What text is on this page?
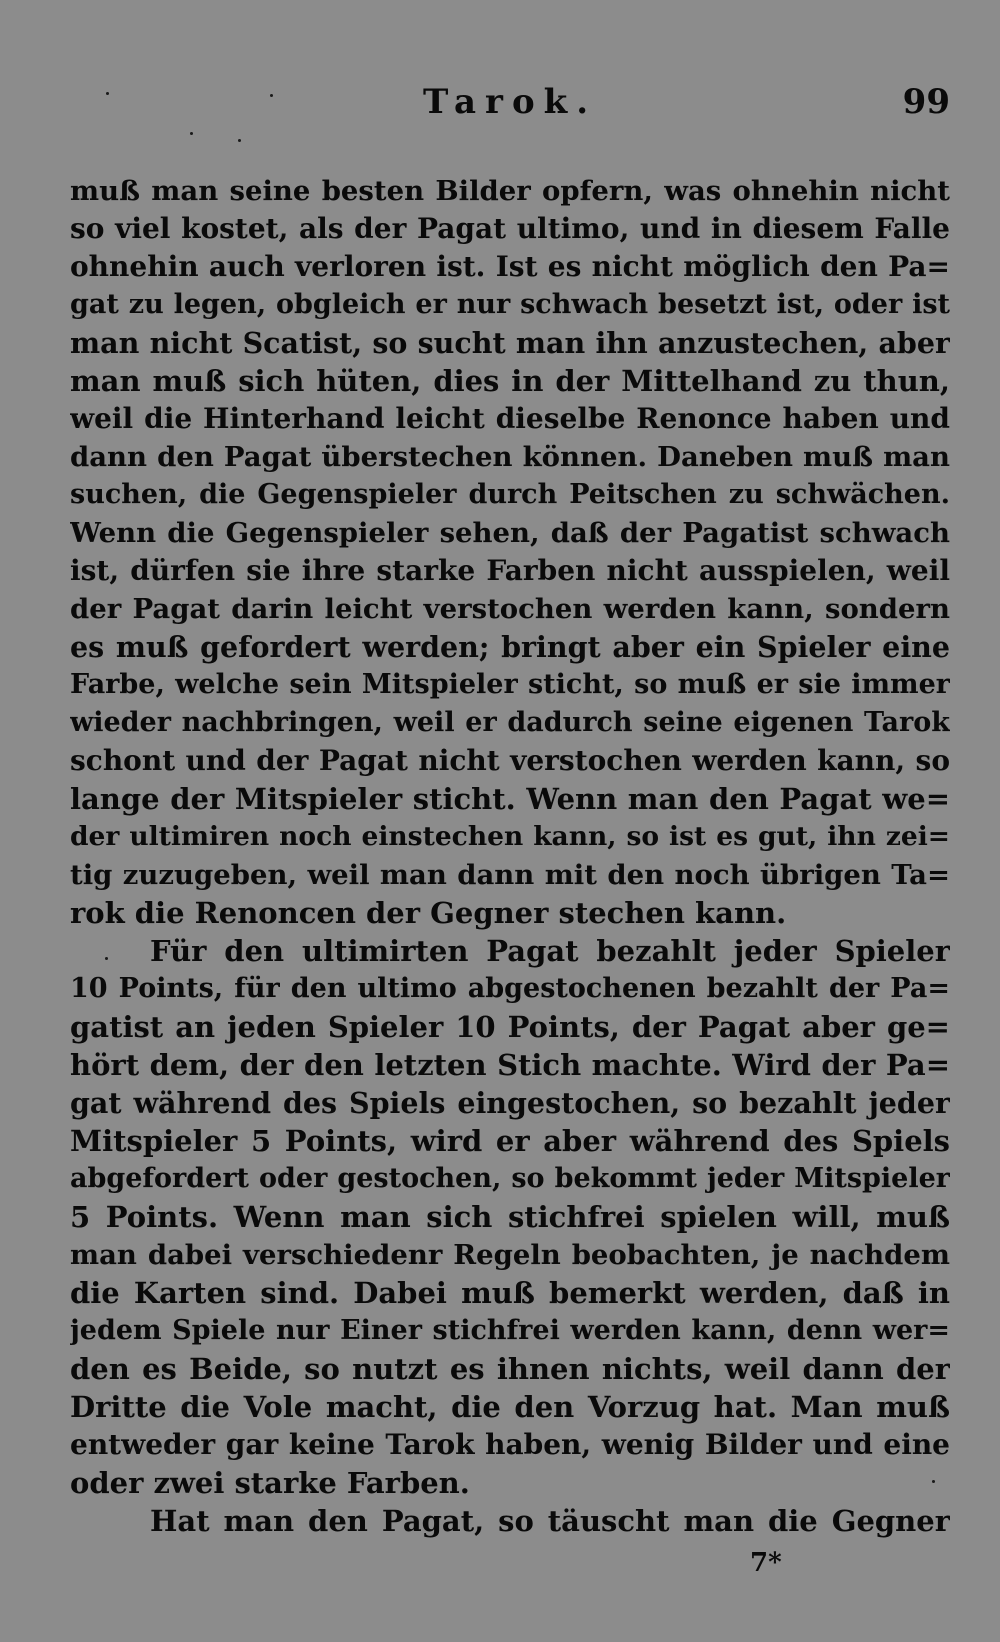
Tarok.	99
muß man seine besten Bilder opfern, was ohnehin nicht
so viel kostet, als der Pagat ultimo, und in diesem Falle
ohnehin auch verloren ist. Ist es nicht möglich den Pa=
gat zu legen, obgleich er nur schwach besetzt ist, oder ist
man nicht Scatist, so sucht man ihn anzustechen, aber
man muß sich hüten, dies in der Mittelhand zu thun,
weil die Hinterhand leicht dieselbe Renonce haben und
dann den Pagat überstechen können. Daneben muß man
suchen, die Gegenspieler durch Peitschen zu schwächen.
Wenn die Gegenspieler sehen, daß der Pagatist schwach
ist, dürfen sie ihre starke Farben nicht ausspielen, weil
der Pagat darin leicht verstochen werden kann, sondern
es muß gefordert werden; bringt aber ein Spieler eine
Farbe, welche sein Mitspieler sticht, so muß er sie immer
wieder nachbringen, weil er dadurch seine eigenen Tarok
schont und der Pagat nicht verstochen werden kann, so
lange der Mitspieler sticht. Wenn man den Pagat we=
der ultimiren noch einstechen kann, so ist es gut, ihn zei=
tig zuzugeben, weil man dann mit den noch übrigen Ta=
rok die Renoncen der Gegner stechen kann.
Für den ultimirten Pagat bezahlt jeder Spieler
10 Points, für den ultimo abgestochenen bezahlt der Pa=
gatist an jeden Spieler 10 Points, der Pagat aber ge=
hört dem, der den letzten Stich machte. Wird der Pa=
gat während des Spiels eingestochen, so bezahlt jeder
Mitspieler 5 Points, wird er aber während des Spiels
abgefordert oder gestochen, so bekommt jeder Mitspieler
5 Points. Wenn man sich stichfrei spielen will, muß
man dabei verschiedenr Regeln beobachten, je nachdem
die Karten sind. Dabei muß bemerkt werden, daß in
jedem Spiele nur Einer stichfrei werden kann, denn wer=
den es Beide, so nutzt es ihnen nichts, weil dann der
Dritte die Vole macht, die den Vorzug hat. Man muß
entweder gar keine Tarok haben, wenig Bilder und eine
oder zwei starke Farben.
Hat man den Pagat, so täuscht man die Gegner
7*
